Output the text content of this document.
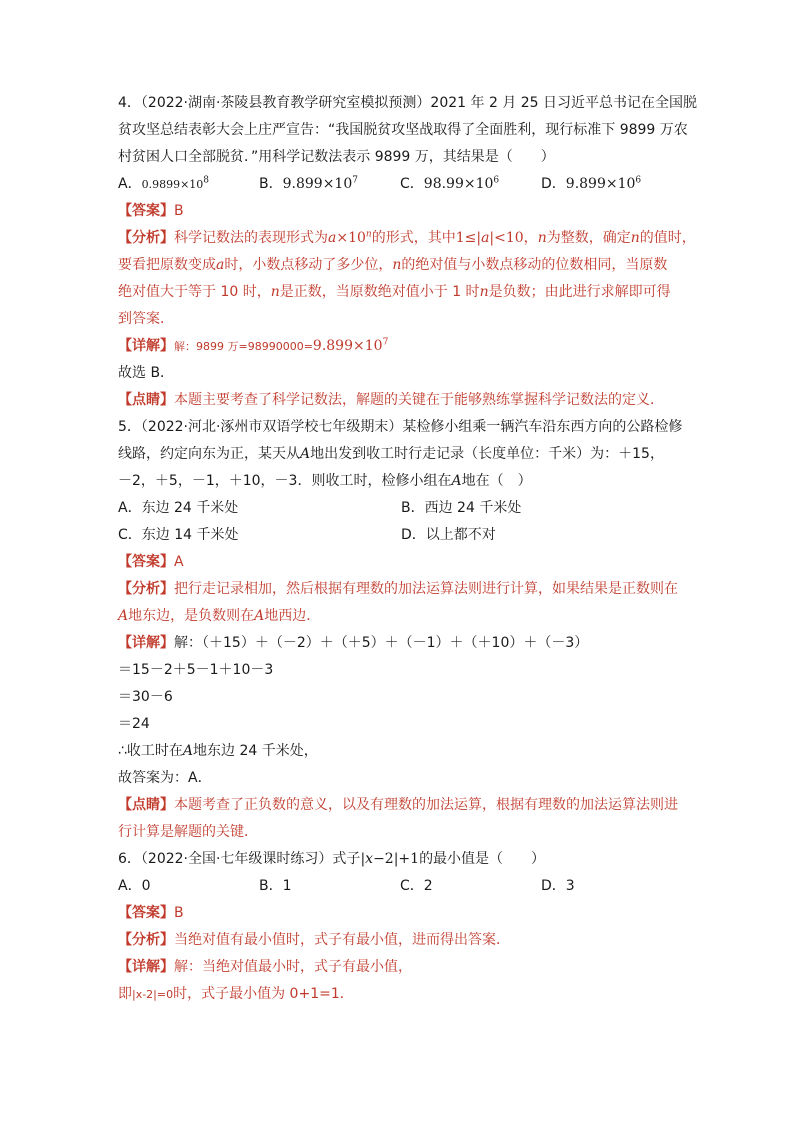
4．（2022·湖南·茶陵县教育教学研究室模拟预测）2021 年 2 月 25 日习近平总书记在全国脱
贫攻坚总结表彰大会上庄严宣告：“我国脱贫攻坚战取得了全面胜利，现行标准下 9899 万农
村贫困人口全部脱贫．”用科学记数法表示 9899 万，其结果是（　　）
A．$0.9899\times 10^8$	B．$9.899\times 10^7$	C．$98.99\times 10^6$	D．$9.899\times 10^6$
【答案】B
【分析】科学记数法的表现形式为$a\times 10^n$的形式，其中1≤|a|<10，n为整数，确定n的值时，
要看把原数变成a时，小数点移动了多少位，n的绝对值与小数点移动的位数相同，当原数
绝对值大于等于 10 时，n是正数，当原数绝对值小于 1 时n是负数；由此进行求解即可得
到答案．
【详解】解：9899 万$=98990000=9.899\times 10^7$
故选 B．
【点睛】本题主要考查了科学记数法，解题的关键在于能够熟练掌握科学记数法的定义．
5．（2022·河北·涿州市双语学校七年级期末）某检修小组乘一辆汽车沿东西方向的公路检修
线路，约定向东为正，某天从A地出发到收工时行走记录（长度单位：千米）为：＋15，
－2，＋5，－1，＋10，－3．则收工时，检修小组在A地在（　）
A．东边 24 千米处	B．西边 24 千米处
C．东边 14 千米处	D．以上都不对
【答案】A
【分析】把行走记录相加，然后根据有理数的加法运算法则进行计算，如果结果是正数则在
A地东边，是负数则在A地西边．
【详解】解：（＋15）＋（－2）＋（＋5）＋（－1）＋（＋10）＋（－3）
＝15－2＋5－1＋10－3
＝30－6
＝24
∴收工时在A地东边 24 千米处，
故答案为：A．
【点睛】本题考查了正负数的意义，以及有理数的加法运算，根据有理数的加法运算法则进
行计算是解题的关键．
6．（2022·全国·七年级课时练习）式子|x−2|+1的最小值是（　　）
A．0	B．1	C．2	D．3
【答案】B
【分析】当绝对值有最小值时，式子有最小值，进而得出答案．
【详解】解：当绝对值最小时，式子有最小值，
即|x-2|=0时，式子最小值为 0+1=1．
